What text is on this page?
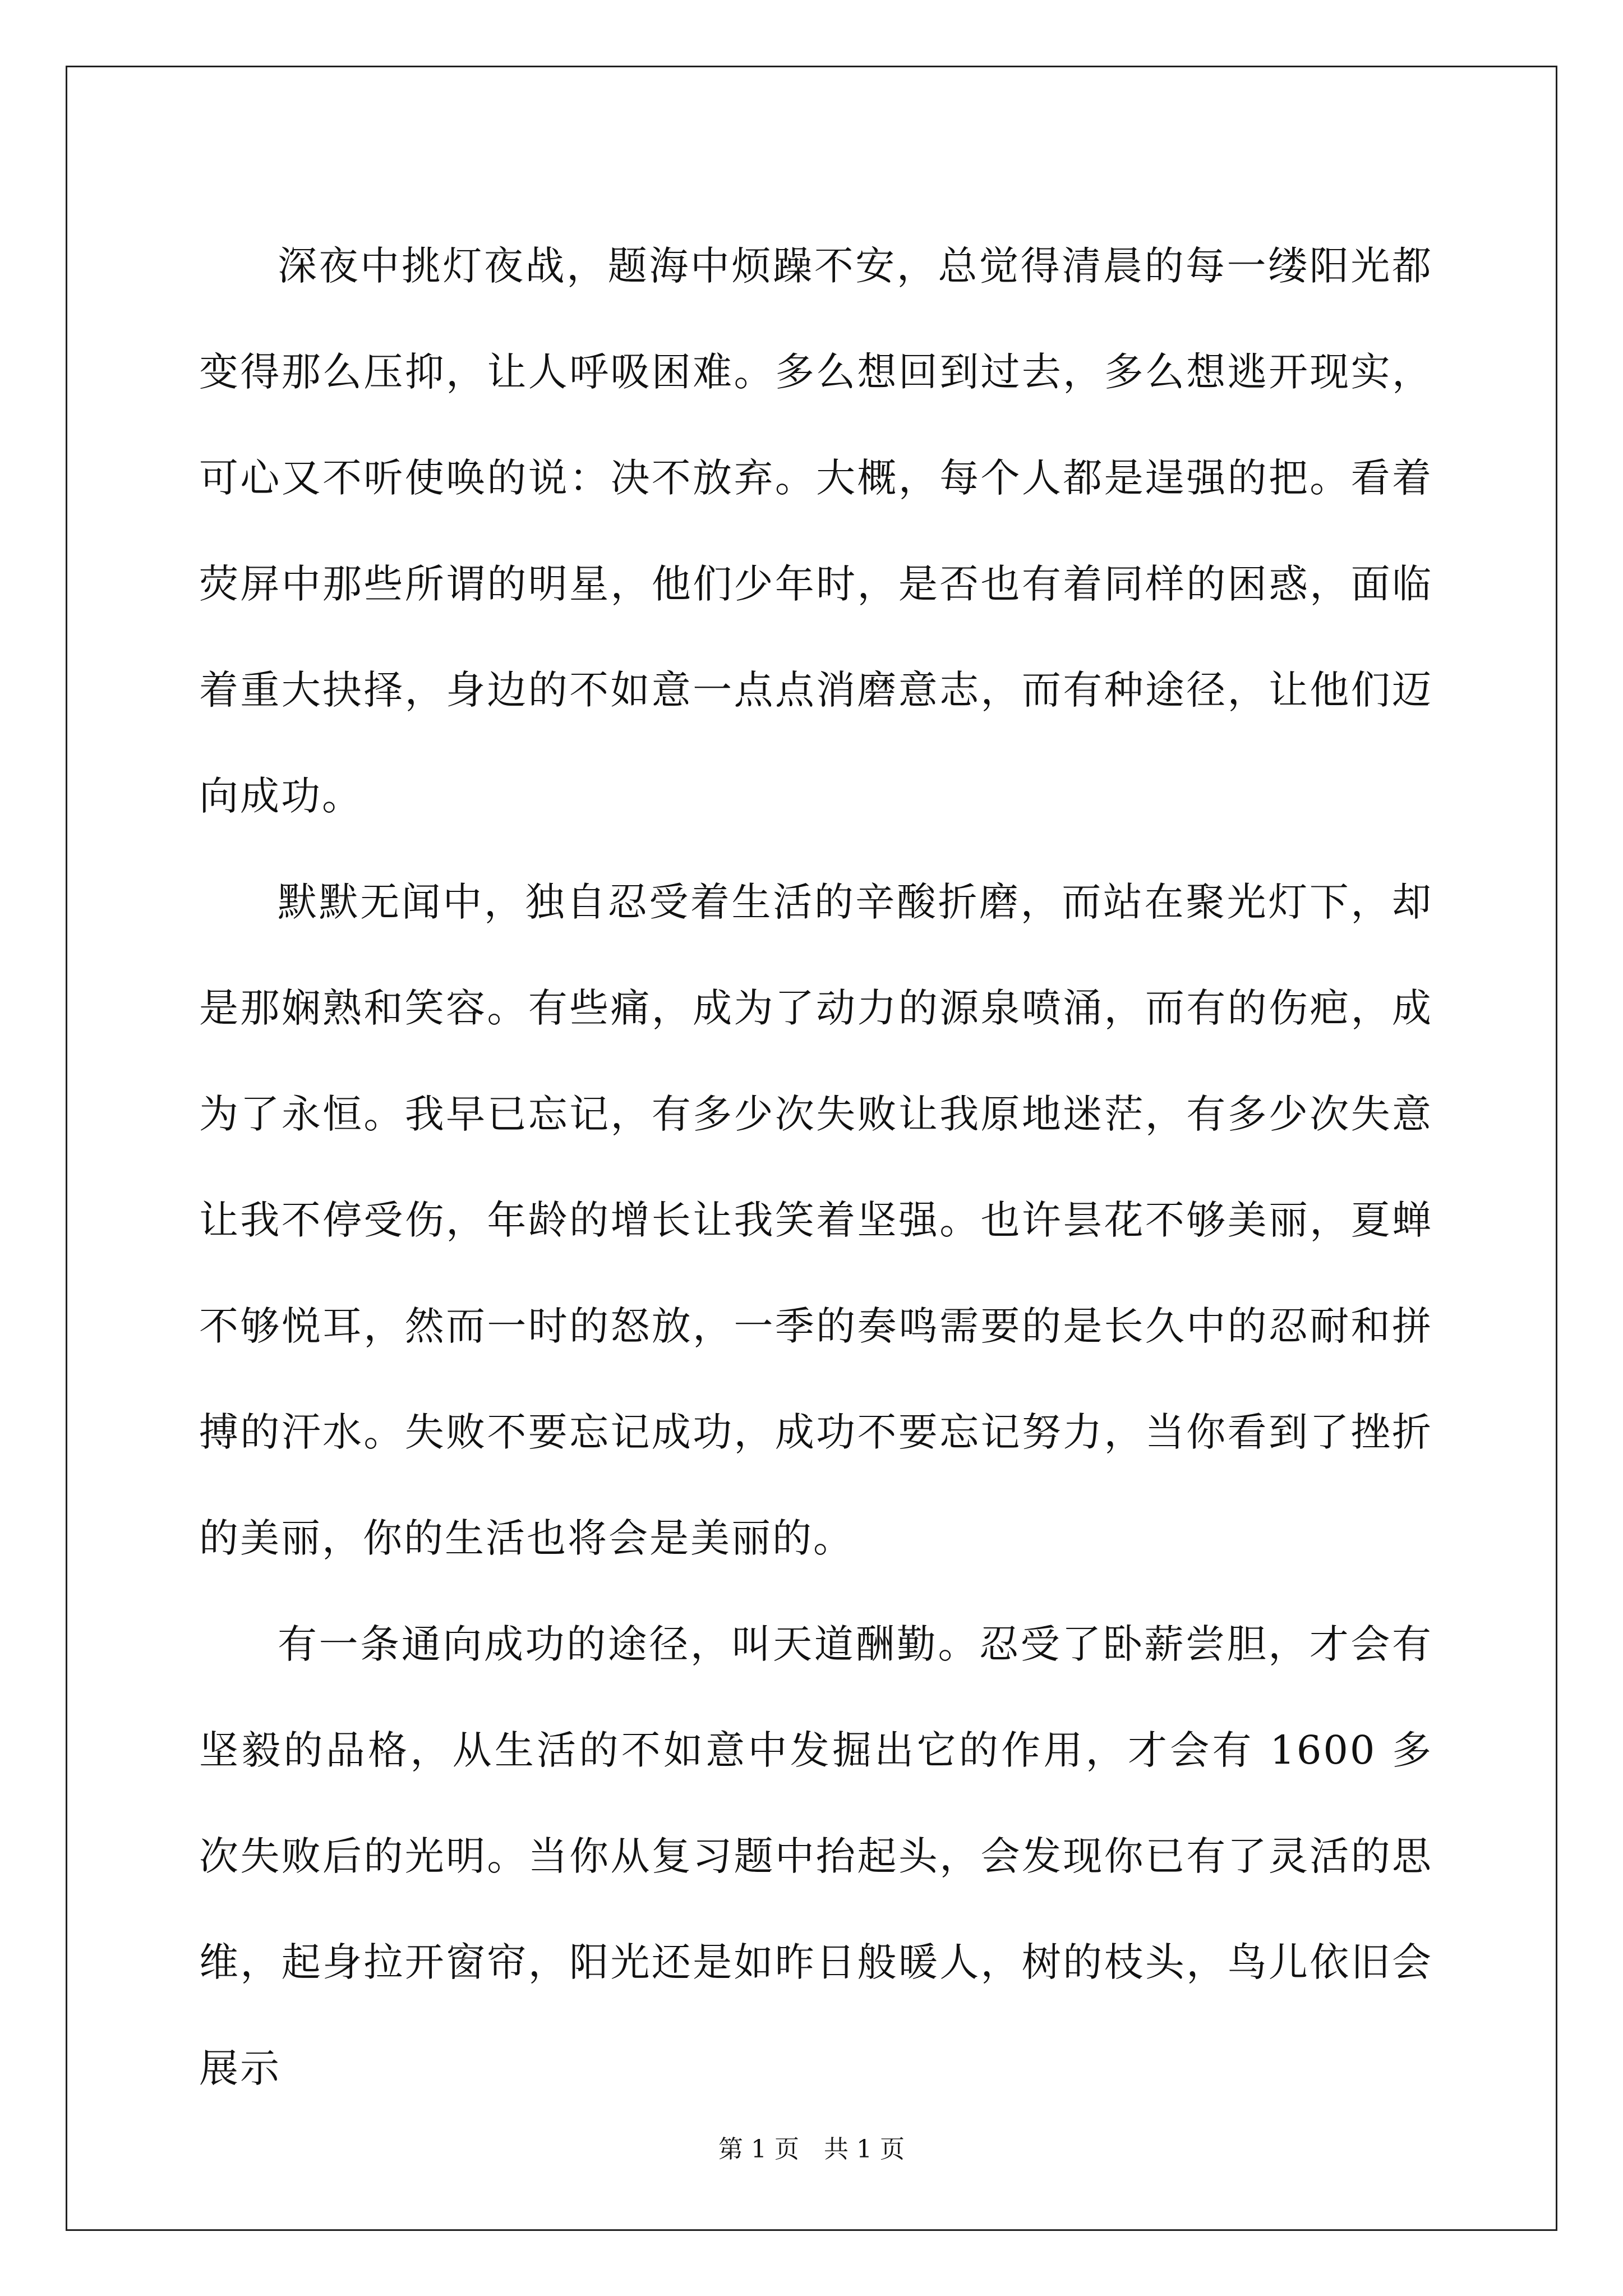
深夜中挑灯夜战，题海中烦躁不安，总觉得清晨的每一缕阳光都变得那么压抑，让人呼吸困难。多么想回到过去，多么想逃开现实，可心又不听使唤的说：决不放弃。大概，每个人都是逞强的把。看着荧屏中那些所谓的明星，他们少年时，是否也有着同样的困惑，面临着重大抉择，身边的不如意一点点消磨意志，而有种途径，让他们迈向成功。

默默无闻中，独自忍受着生活的辛酸折磨，而站在聚光灯下，却是那娴熟和笑容。有些痛，成为了动力的源泉喷涌，而有的伤疤，成为了永恒。我早已忘记，有多少次失败让我原地迷茫，有多少次失意让我不停受伤，年龄的增长让我笑着坚强。也许昙花不够美丽，夏蝉不够悦耳，然而一时的怒放，一季的奏鸣需要的是长久中的忍耐和拼搏的汗水。失败不要忘记成功，成功不要忘记努力，当你看到了挫折的美丽，你的生活也将会是美丽的。

有一条通向成功的途径，叫天道酬勤。忍受了卧薪尝胆，才会有坚毅的品格，从生活的不如意中发掘出它的作用，才会有 1600 多次失败后的光明。当你从复习题中抬起头，会发现你已有了灵活的思维，起身拉开窗帘，阳光还是如昨日般暖人，树的枝头，鸟儿依旧会展示

第 1 页　共 1 页
